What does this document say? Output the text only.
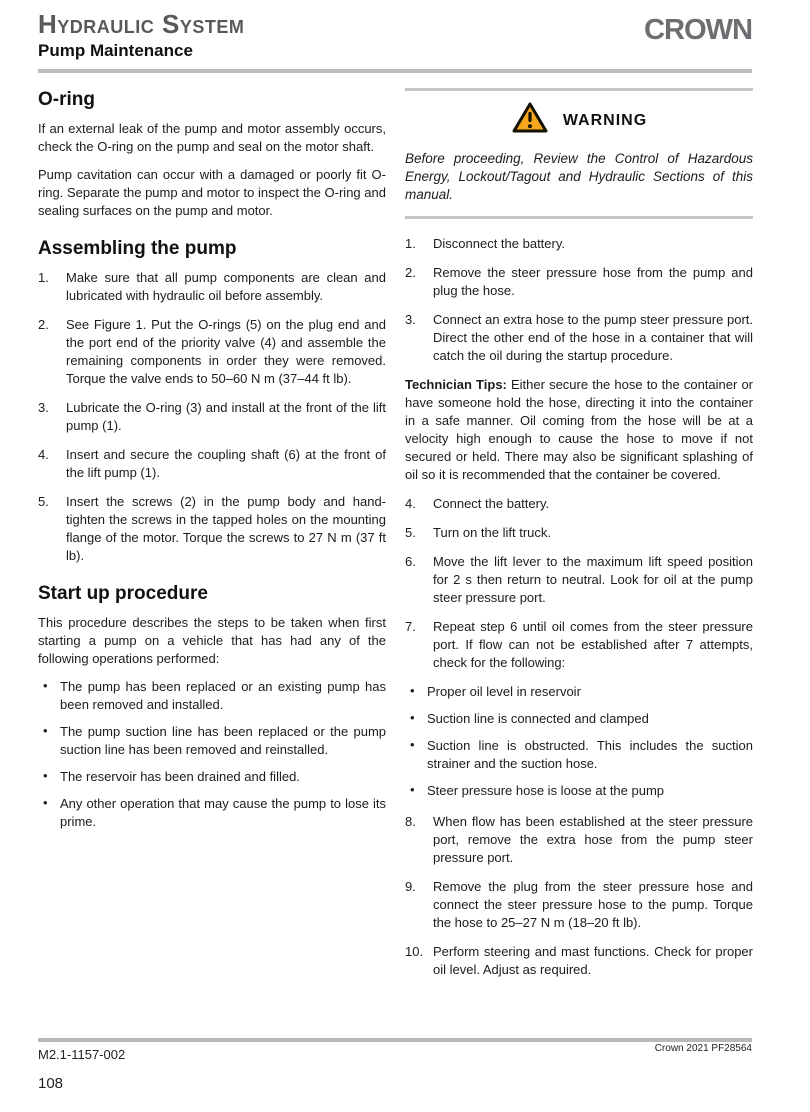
Hydraulic System
Pump Maintenance
CROWN
O-ring

If an external leak of the pump and motor assembly occurs, check the O-ring on the pump and seal on the motor shaft.

Pump cavitation can occur with a damaged or poorly fit O-ring. Separate the pump and motor to inspect the O-ring and sealing surfaces on the pump and motor.

Assembling the pump
1. Make sure that all pump components are clean and lubricated with hydraulic oil before assembly.
2. See Figure 1. Put the O-rings (5) on the plug end and the port end of the priority valve (4) and assemble the remaining components in order they were removed. Torque the valve ends to 50–60 N m (37–44 ft lb).
3. Lubricate the O-ring (3) and install at the front of the lift pump (1).
4. Insert and secure the coupling shaft (6) at the front of the lift pump (1).
5. Insert the screws (2) in the pump body and hand-tighten the screws in the tapped holes on the mounting flange of the motor. Torque the screws to 27 N m (37 ft lb).
Start up procedure

This procedure describes the steps to be taken when first starting a pump on a vehicle that has had any of the following operations performed:

• The pump has been replaced or an existing pump has been removed and installed.
• The pump suction line has been replaced or the pump suction line has been removed and reinstalled.
• The reservoir has been drained and filled.
• Any other operation that may cause the pump to lose its prime.
WARNING
Before proceeding, Review the Control of Hazardous Energy, Lockout/Tagout and Hydraulic Sections of this manual.
1. Disconnect the battery.
2. Remove the steer pressure hose from the pump and plug the hose.
3. Connect an extra hose to the pump steer pressure port. Direct the other end of the hose in a container that will catch the oil during the startup procedure.

Technician Tips: Either secure the hose to the container or have someone hold the hose, directing it into the container in a safe manner. Oil coming from the hose will be at a velocity high enough to cause the hose to move if not secured or held. There may also be significant splashing of oil so it is recommended that the container be covered.

4. Connect the battery.
5. Turn on the lift truck.
6. Move the lift lever to the maximum lift speed position for 2 s then return to neutral. Look for oil at the pump steer pressure port.
7. Repeat step 6 until oil comes from the steer pressure port. If flow can not be established after 7 attempts, check for the following:
• Proper oil level in reservoir
• Suction line is connected and clamped
• Suction line is obstructed. This includes the suction strainer and the suction hose.
• Steer pressure hose is loose at the pump
8. When flow has been established at the steer pressure port, remove the extra hose from the pump steer pressure port.
9. Remove the plug from the steer pressure hose and connect the steer pressure hose to the pump. Torque the hose to 25–27 N m (18–20 ft lb).
10. Perform steering and mast functions. Check for proper oil level. Adjust as required.
M2.1-1157-002	Crown 2021 PF28564
108
